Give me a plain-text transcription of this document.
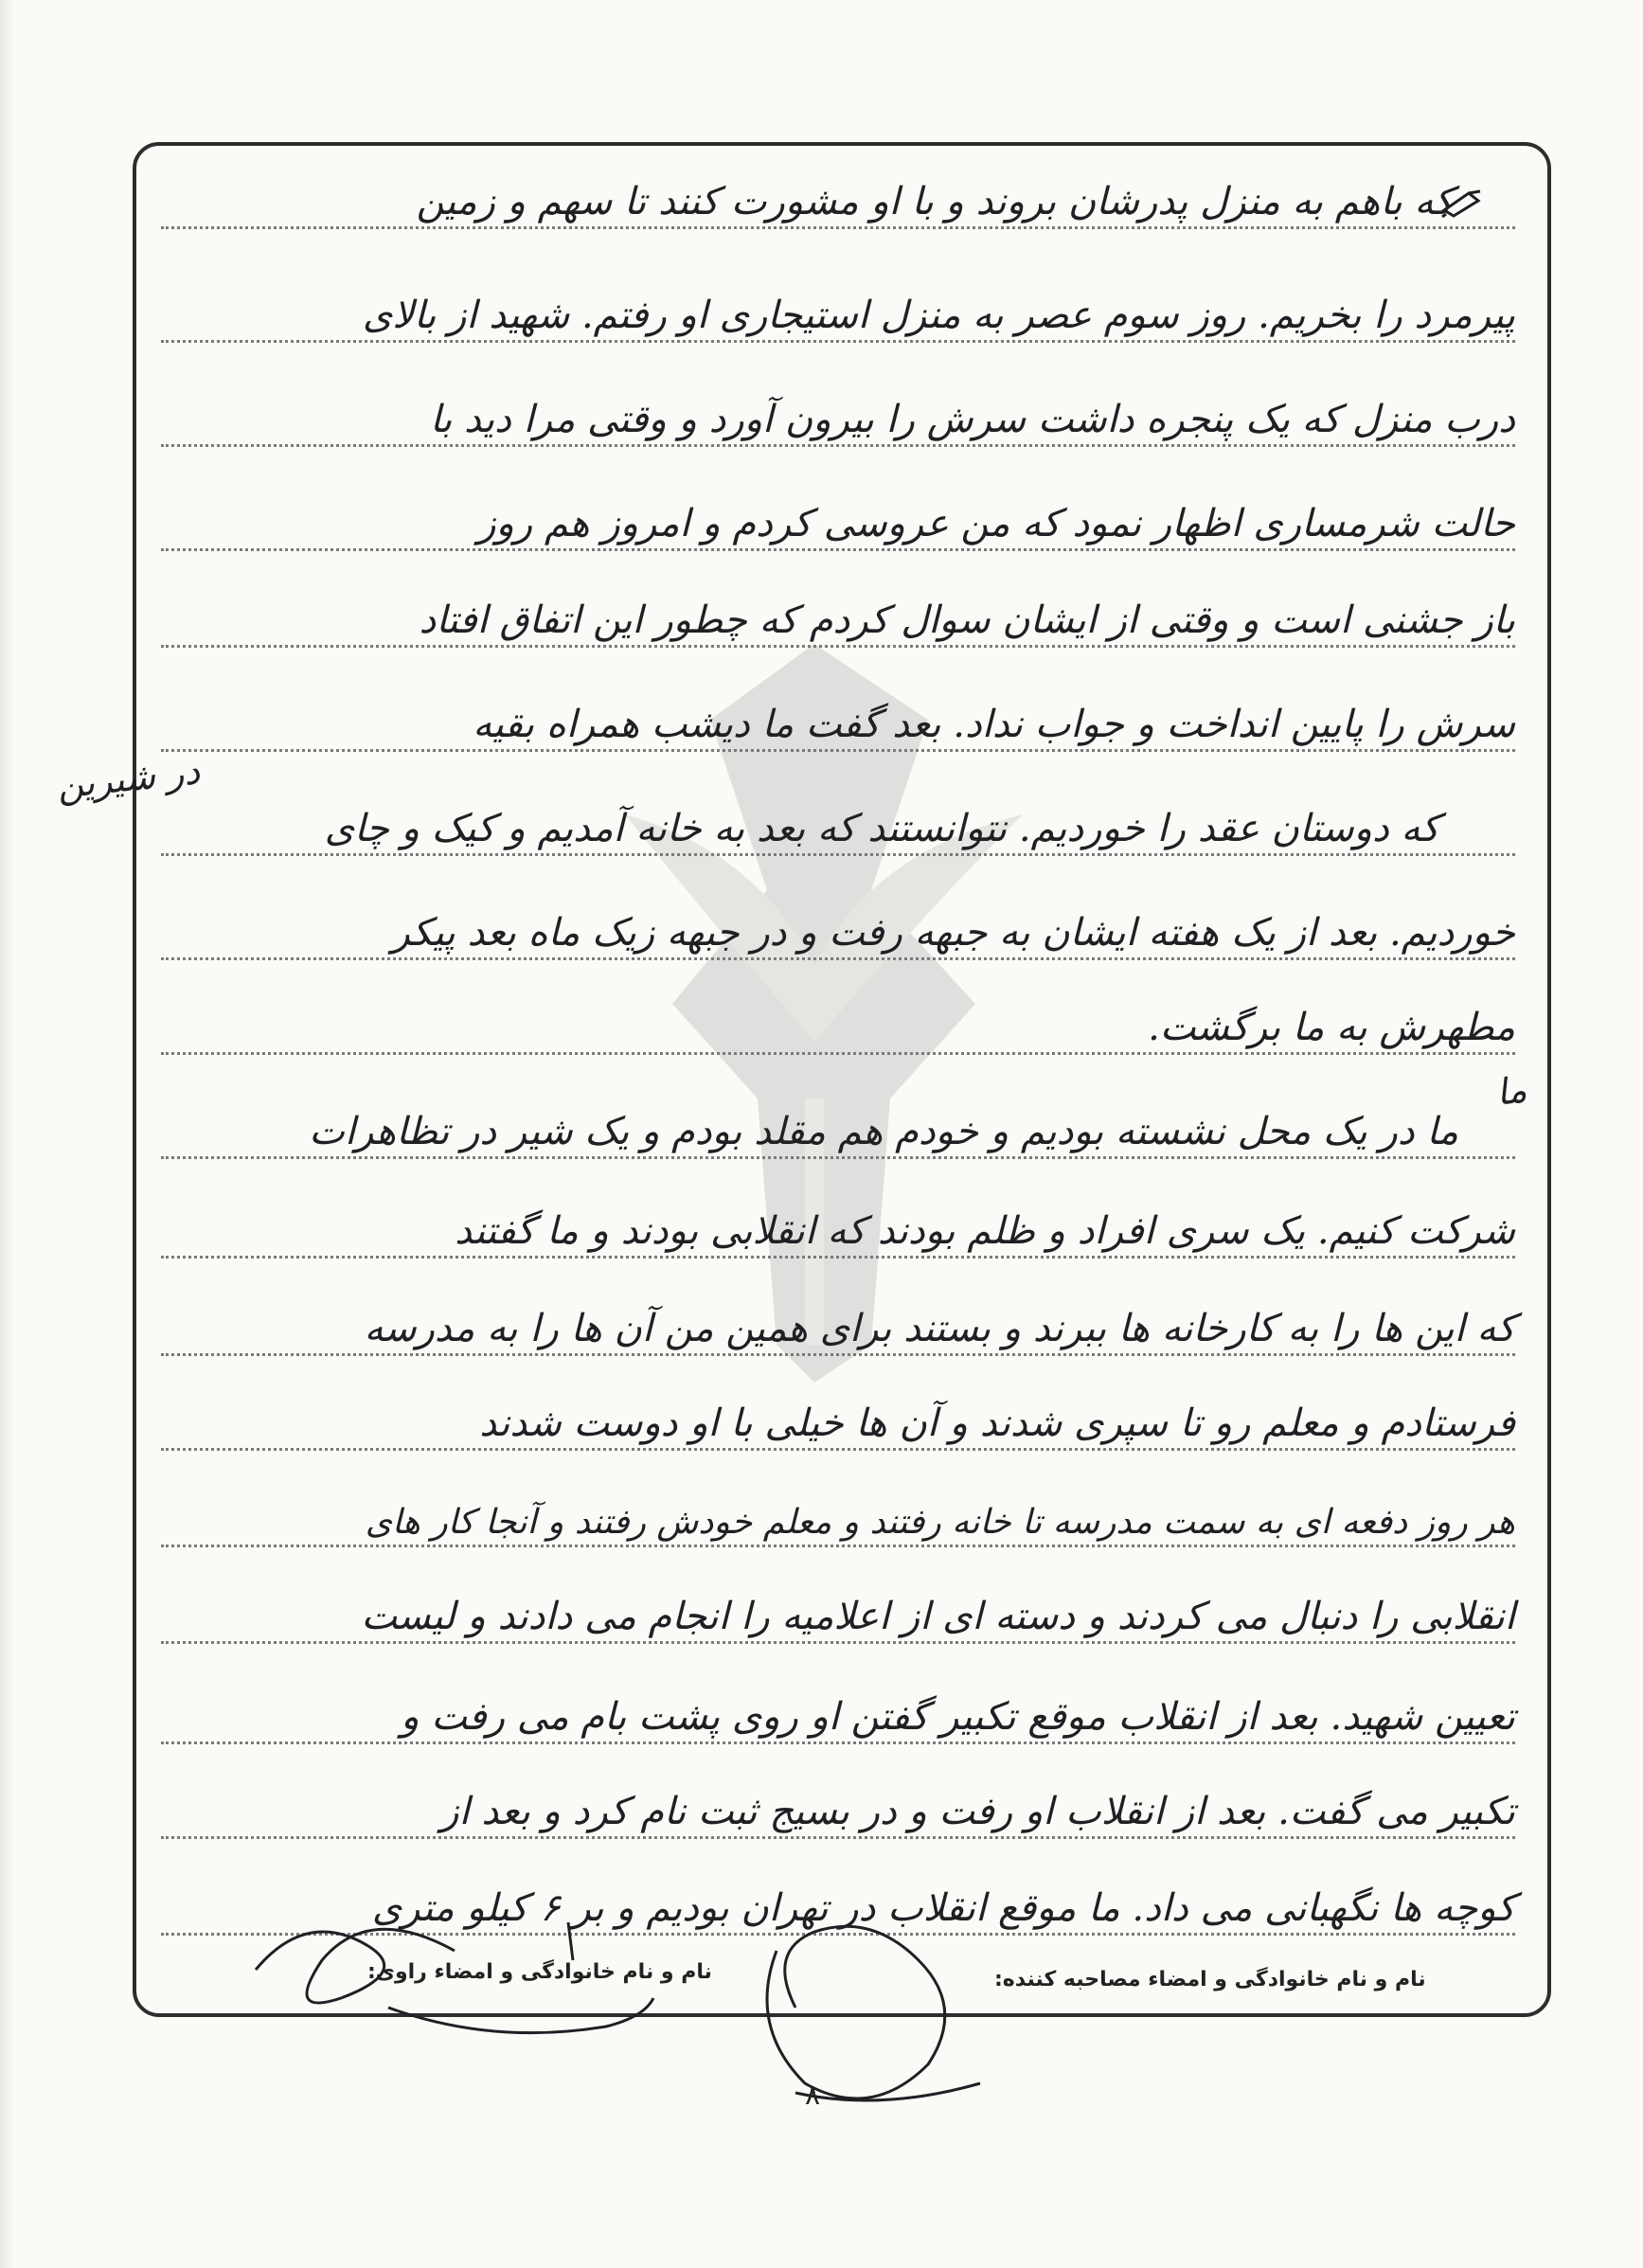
که باهم به منزل پدرشان بروند و با او مشورت کنند تا سهم و زمین
پیرمرد را بخریم. روز سوم عصر به منزل استیجاری او رفتم. شهید از بالای
درب منزل که یک پنجره داشت سرش را بیرون آورد و وقتی مرا دید با
حالت شرمساری اظهار نمود که من عروسی کردم و امروز هم روز
باز جشنی است و وقتی از ایشان سوال کردم که چطور این اتفاق افتاد
سرش را پایین انداخت و جواب نداد. بعد گفت ما دیشب همراه بقیه
که دوستان عقد را خوردیم. نتوانستند که بعد به خانه آمدیم و کیک و چای
خوردیم. بعد از یک هفته ایشان به جبهه رفت و در جبهه زیک ماه بعد پیکر
مطهرش به ما برگشت.
ما در یک محل نشسته بودیم و خودم هم مقلد بودم و یک شیر در تظاهرات
شرکت کنیم. یک سری افراد و ظلم بودند که انقلابی بودند و ما گفتند
که این ها را به کارخانه ها ببرند و بستند برای همین من آن ها را به مدرسه
فرستادم و معلم رو تا سپری شدند و آن ها خیلی با او دوست شدند
هر روز دفعه ای به سمت مدرسه تا خانه رفتند و معلم خودش رفتند و آنجا کار های
انقلابی را دنبال می کردند و دسته ای از اعلامیه را انجام می دادند و لیست
تعیین شهید. بعد از انقلاب موقع تکبیر گفتن او روی پشت بام می رفت و
تکبیر می گفت. بعد از انقلاب او رفت و در بسیج ثبت نام کرد و بعد از
کوچه ها نگهبانی می داد. ما موقع انقلاب در تهران بودیم و بر ۶ کیلو متری
در شیرین
ما
نام و نام خانوادگی و امضاء مصاحبه کننده:
نام و نام خانوادگی و امضاء راوی:
۸
